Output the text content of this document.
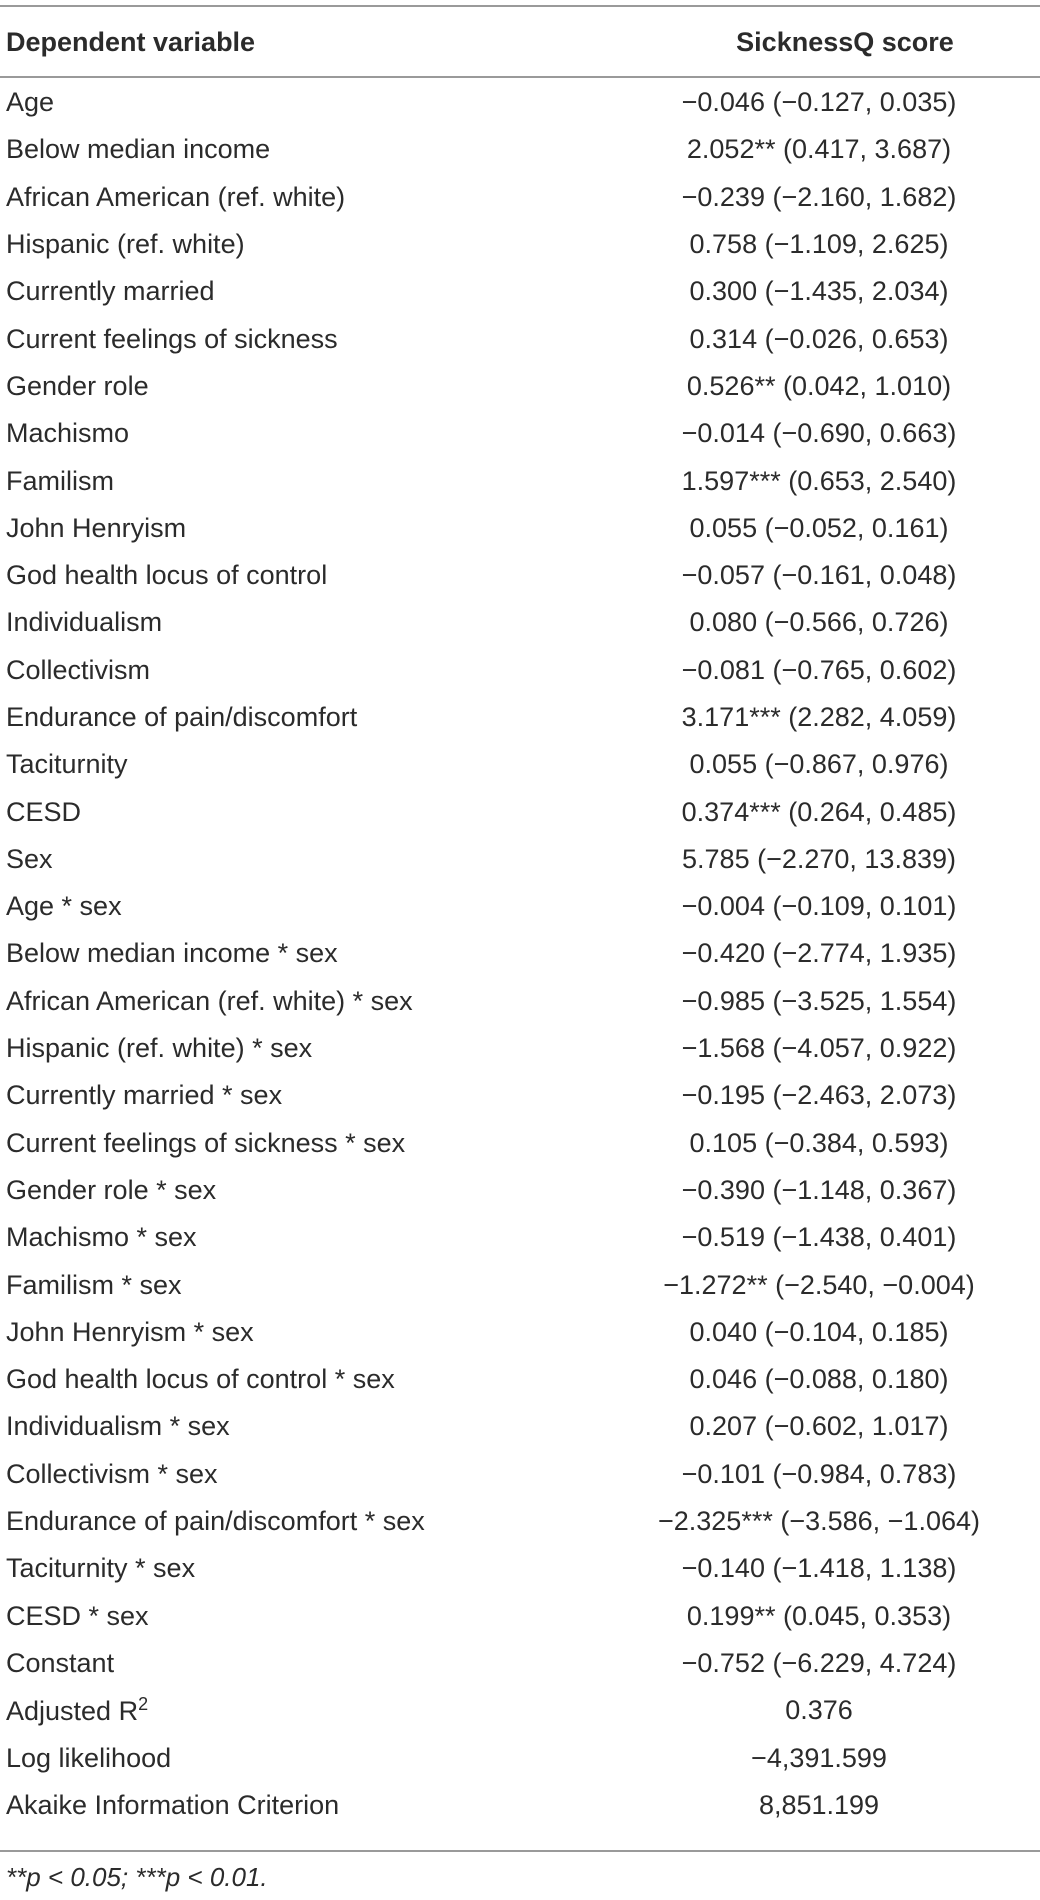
Dependent variable	SicknessQ score
Age	−0.046 (−0.127, 0.035)
Below median income	2.052** (0.417, 3.687)
African American (ref. white)	−0.239 (−2.160, 1.682)
Hispanic (ref. white)	0.758 (−1.109, 2.625)
Currently married	0.300 (−1.435, 2.034)
Current feelings of sickness	0.314 (−0.026, 0.653)
Gender role	0.526** (0.042, 1.010)
Machismo	−0.014 (−0.690, 0.663)
Familism	1.597*** (0.653, 2.540)
John Henryism	0.055 (−0.052, 0.161)
God health locus of control	−0.057 (−0.161, 0.048)
Individualism	0.080 (−0.566, 0.726)
Collectivism	−0.081 (−0.765, 0.602)
Endurance of pain/discomfort	3.171*** (2.282, 4.059)
Taciturnity	0.055 (−0.867, 0.976)
CESD	0.374*** (0.264, 0.485)
Sex	5.785 (−2.270, 13.839)
Age * sex	−0.004 (−0.109, 0.101)
Below median income * sex	−0.420 (−2.774, 1.935)
African American (ref. white) * sex	−0.985 (−3.525, 1.554)
Hispanic (ref. white) * sex	−1.568 (−4.057, 0.922)
Currently married * sex	−0.195 (−2.463, 2.073)
Current feelings of sickness * sex	0.105 (−0.384, 0.593)
Gender role * sex	−0.390 (−1.148, 0.367)
Machismo * sex	−0.519 (−1.438, 0.401)
Familism * sex	−1.272** (−2.540, −0.004)
John Henryism * sex	0.040 (−0.104, 0.185)
God health locus of control * sex	0.046 (−0.088, 0.180)
Individualism * sex	0.207 (−0.602, 1.017)
Collectivism * sex	−0.101 (−0.984, 0.783)
Endurance of pain/discomfort * sex	−2.325*** (−3.586, −1.064)
Taciturnity * sex	−0.140 (−1.418, 1.138)
CESD * sex	0.199** (0.045, 0.353)
Constant	−0.752 (−6.229, 4.724)
Adjusted $R^2$	0.376
Log likelihood	−4,391.599
Akaike Information Criterion	8,851.199
**p < 0.05; ***p < 0.01.
